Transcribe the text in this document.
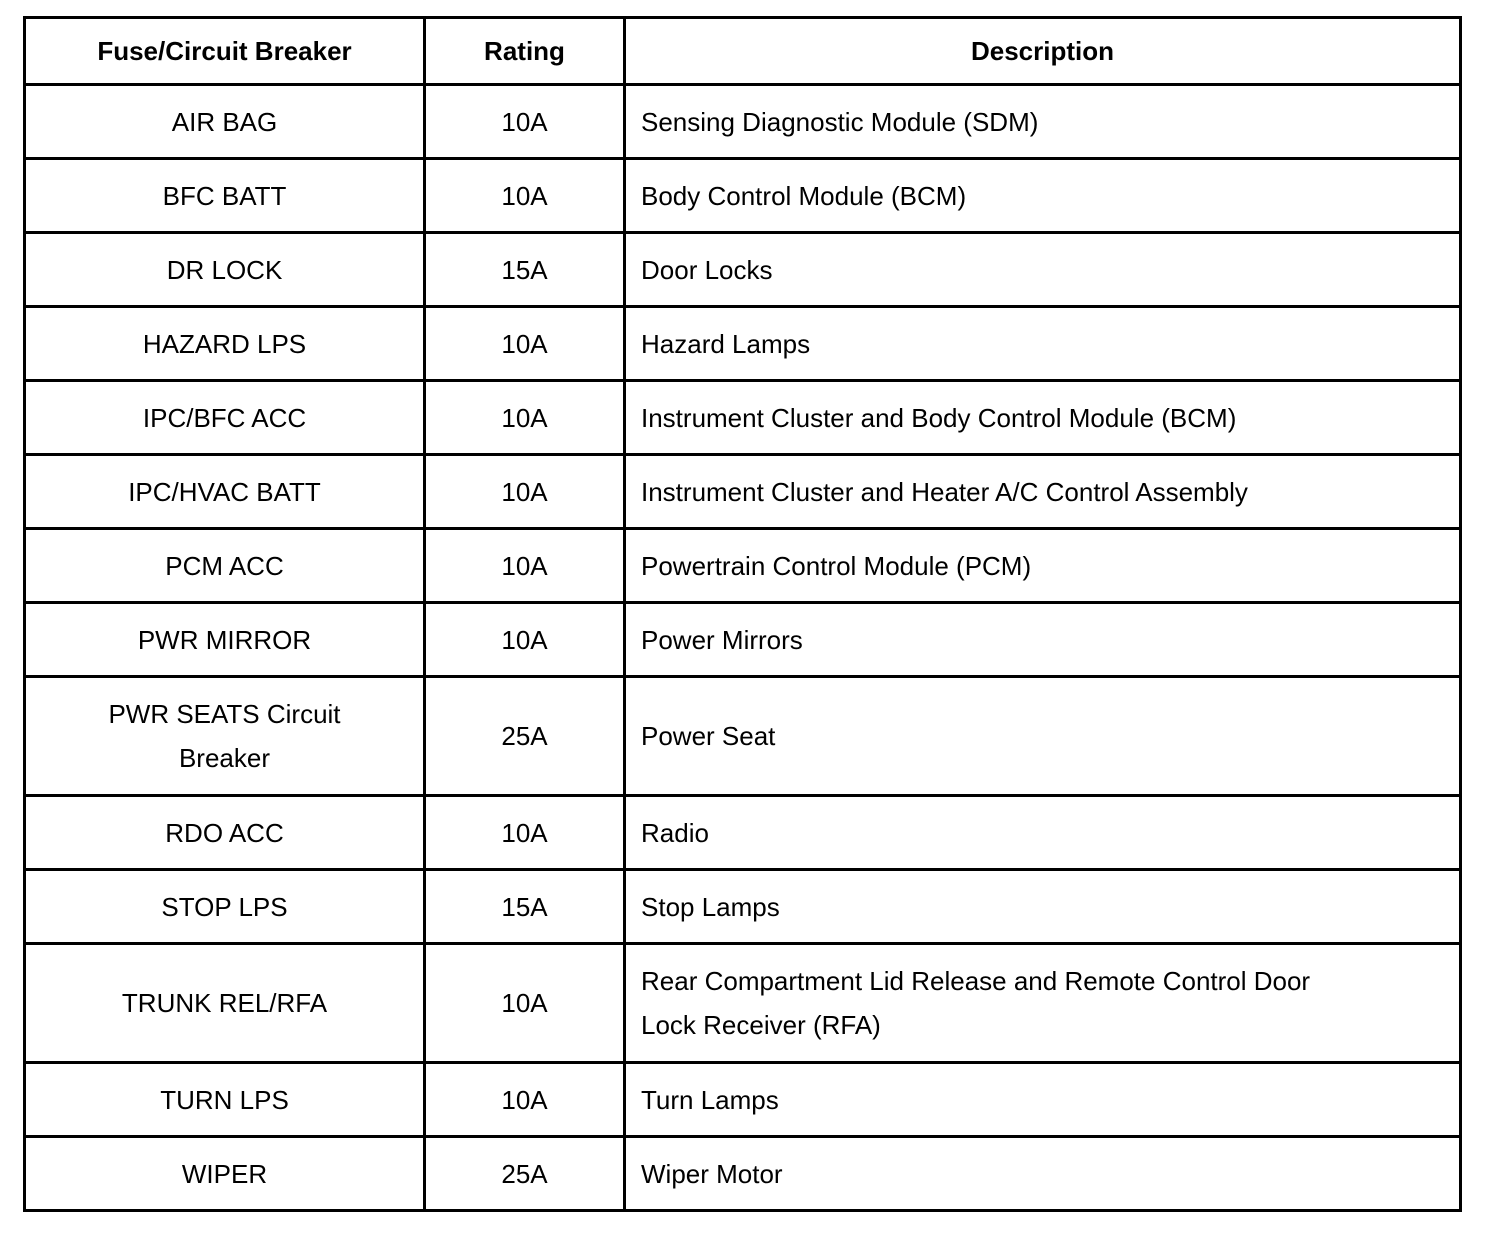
Fuse/Circuit Breaker	Rating	Description
AIR BAG	10A	Sensing Diagnostic Module (SDM)
BFC BATT	10A	Body Control Module (BCM)
DR LOCK	15A	Door Locks
HAZARD LPS	10A	Hazard Lamps
IPC/BFC ACC	10A	Instrument Cluster and Body Control Module (BCM)
IPC/HVAC BATT	10A	Instrument Cluster and Heater A/C Control Assembly
PCM ACC	10A	Powertrain Control Module (PCM)
PWR MIRROR	10A	Power Mirrors
PWR SEATS Circuit Breaker	25A	Power Seat
RDO ACC	10A	Radio
STOP LPS	15A	Stop Lamps
TRUNK REL/RFA	10A	Rear Compartment Lid Release and Remote Control Door Lock Receiver (RFA)
TURN LPS	10A	Turn Lamps
WIPER	25A	Wiper Motor
